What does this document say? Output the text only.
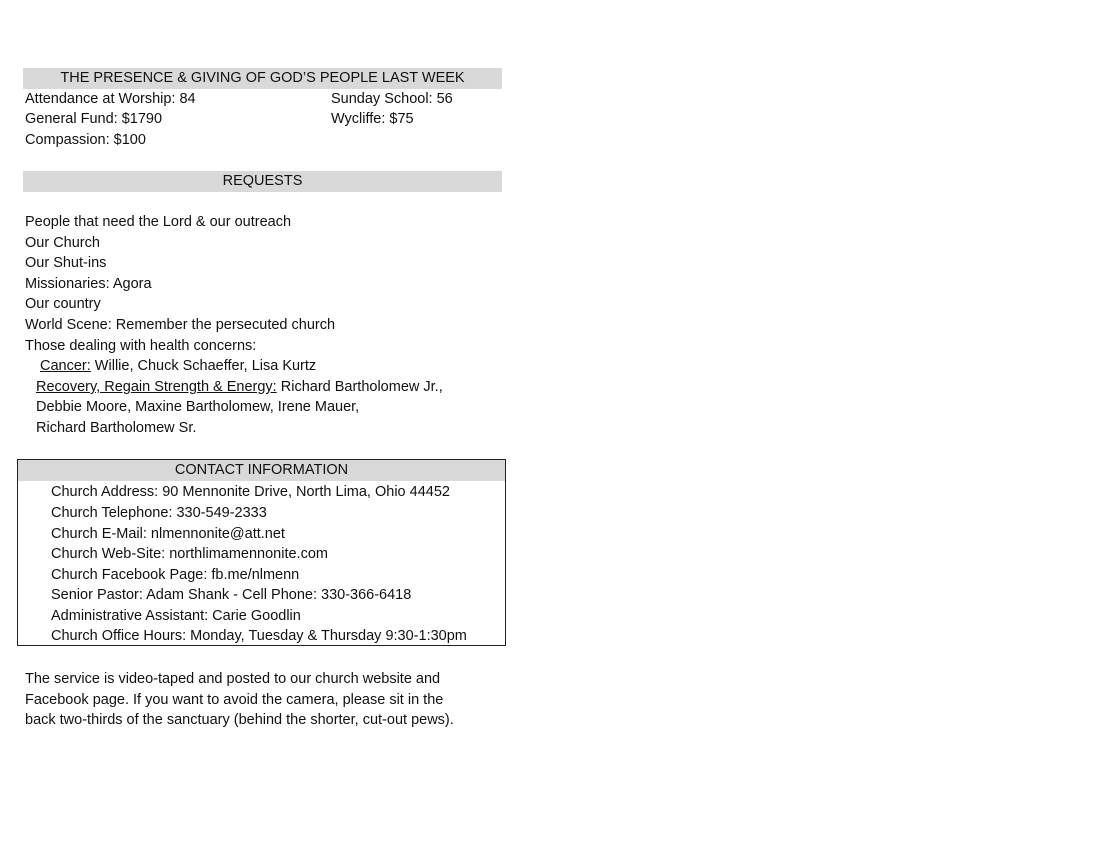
THE PRESENCE & GIVING OF GOD’S PEOPLE LAST WEEK
Attendance at Worship: 84	Sunday School: 56
General Fund: $1790	Wycliffe: $75
Compassion: $100
REQUESTS
People that need the Lord & our outreach
Our Church
Our Shut-ins
Missionaries: Agora
Our country
World Scene: Remember the persecuted church
Those dealing with health concerns:
Cancer: Willie, Chuck Schaeffer, Lisa Kurtz
Recovery, Regain Strength & Energy: Richard Bartholomew Jr.,
Debbie Moore, Maxine Bartholomew, Irene Mauer,
Richard Bartholomew Sr.
CONTACT INFORMATION
Church Address: 90 Mennonite Drive, North Lima, Ohio 44452
Church Telephone: 330-549-2333
Church E-Mail: nlmennonite@att.net
Church Web-Site: northlimamennonite.com
Church Facebook Page: fb.me/nlmenn
Senior Pastor: Adam Shank - Cell Phone: 330-366-6418
Administrative Assistant: Carie Goodlin
Church Office Hours: Monday, Tuesday & Thursday 9:30-1:30pm
The service is video-taped and posted to our church website and
Facebook page. If you want to avoid the camera, please sit in the
back two-thirds of the sanctuary (behind the shorter, cut-out pews).
